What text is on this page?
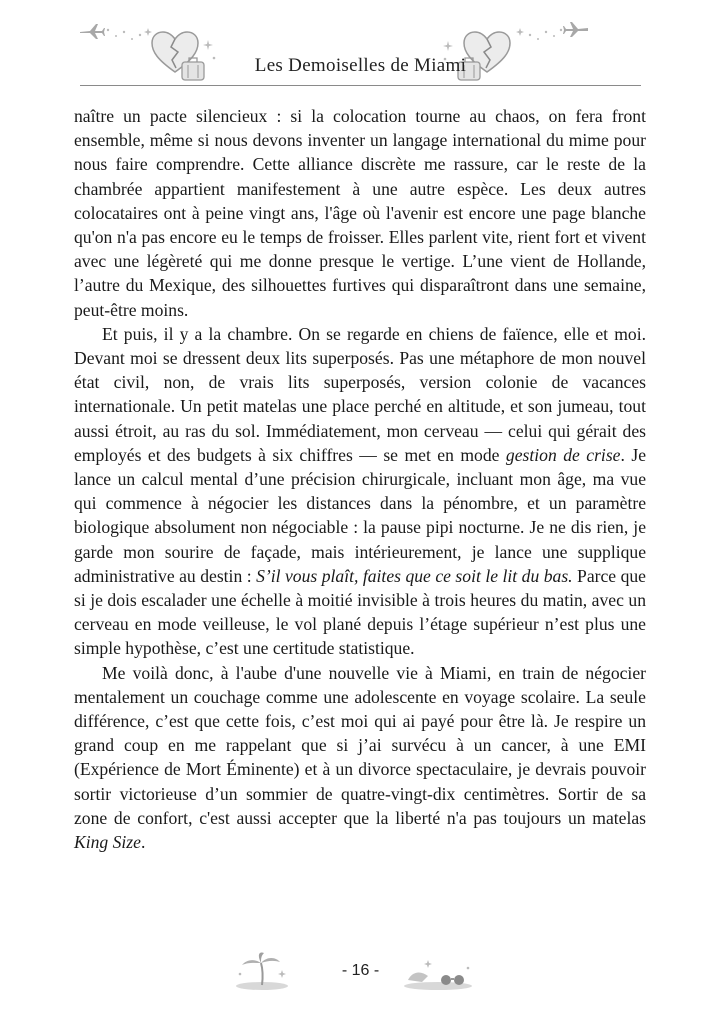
Les Demoiselles de Miami

naître un pacte silencieux : si la colocation tourne au chaos, on fera front ensemble, même si nous devons inventer un langage international du mime pour nous faire comprendre. Cette alliance discrète me rassure, car le reste de la chambrée appartient manifestement à une autre espèce. Les deux autres colocataires ont à peine vingt ans, l'âge où l'avenir est encore une page blanche qu'on n'a pas encore eu le temps de froisser. Elles parlent vite, rient fort et vivent avec une légèreté qui me donne presque le vertige. L’une vient de Hollande, l’autre du Mexique, des silhouettes furtives qui disparaîtront dans une semaine, peut-être moins.

Et puis, il y a la chambre. On se regarde en chiens de faïence, elle et moi. Devant moi se dressent deux lits superposés. Pas une métaphore de mon nouvel état civil, non, de vrais lits superposés, version colonie de vacances internationale. Un petit matelas une place perché en altitude, et son jumeau, tout aussi étroit, au ras du sol. Immédiatement, mon cerveau — celui qui gérait des employés et des budgets à six chiffres — se met en mode gestion de crise. Je lance un calcul mental d’une précision chirurgicale, incluant mon âge, ma vue qui commence à négocier les distances dans la pénombre, et un paramètre biologique absolument non négociable : la pause pipi nocturne. Je ne dis rien, je garde mon sourire de façade, mais intérieurement, je lance une supplique administrative au destin : S’il vous plaît, faites que ce soit le lit du bas. Parce que si je dois escalader une échelle à moitié invisible à trois heures du matin, avec un cerveau en mode veilleuse, le vol plané depuis l’étage supérieur n’est plus une simple hypothèse, c’est une certitude statistique.

Me voilà donc, à l'aube d'une nouvelle vie à Miami, en train de négocier mentalement un couchage comme une adolescente en voyage scolaire. La seule différence, c’est que cette fois, c’est moi qui ai payé pour être là. Je respire un grand coup en me rappelant que si j’ai survécu à un cancer, à une EMI (Expérience de Mort Éminente) et à un divorce spectaculaire, je devrais pouvoir sortir victorieuse d’un sommier de quatre-vingt-dix centimètres. Sortir de sa zone de confort, c'est aussi accepter que la liberté n'a pas toujours un matelas King Size.

- 16 -
